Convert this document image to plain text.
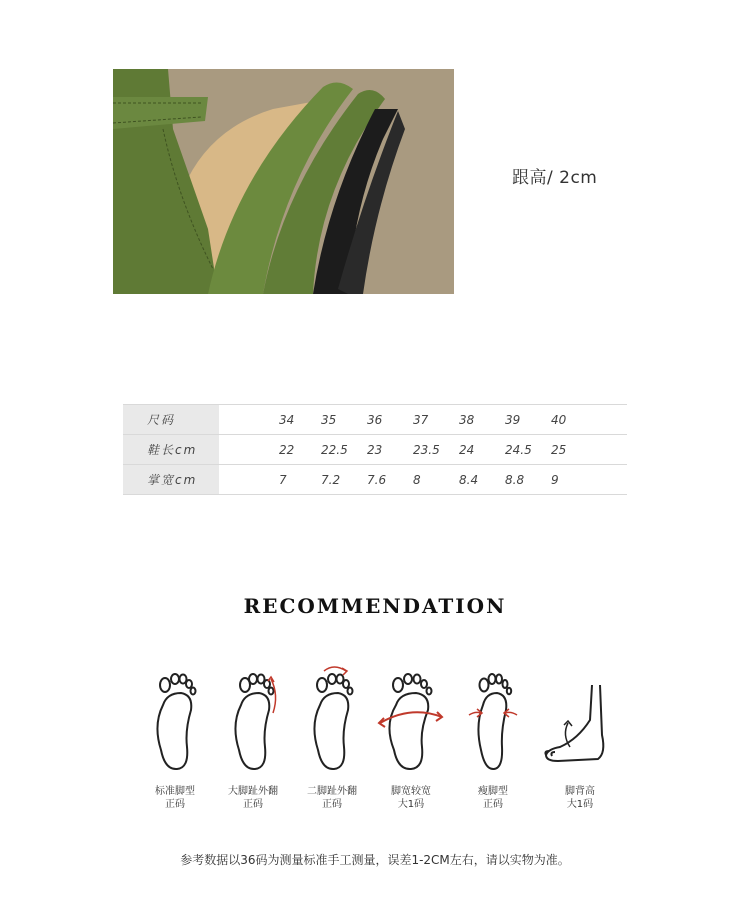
跟高/ 2cm
尺码		34	35	36	37	38	39	40
鞋长cm		22	22.5	23	23.5	24	24.5	25
掌宽cm		7	7.2	7.6	8	8.4	8.8	9
RECOMMENDATION
标准脚型
正码
大脚趾外翻
正码
二脚趾外翻
正码
脚宽较宽
大1码
瘦脚型
正码
脚背高
大1码
参考数据以36码为测量标准手工测量，误差1-2CM左右，请以实物为准。
